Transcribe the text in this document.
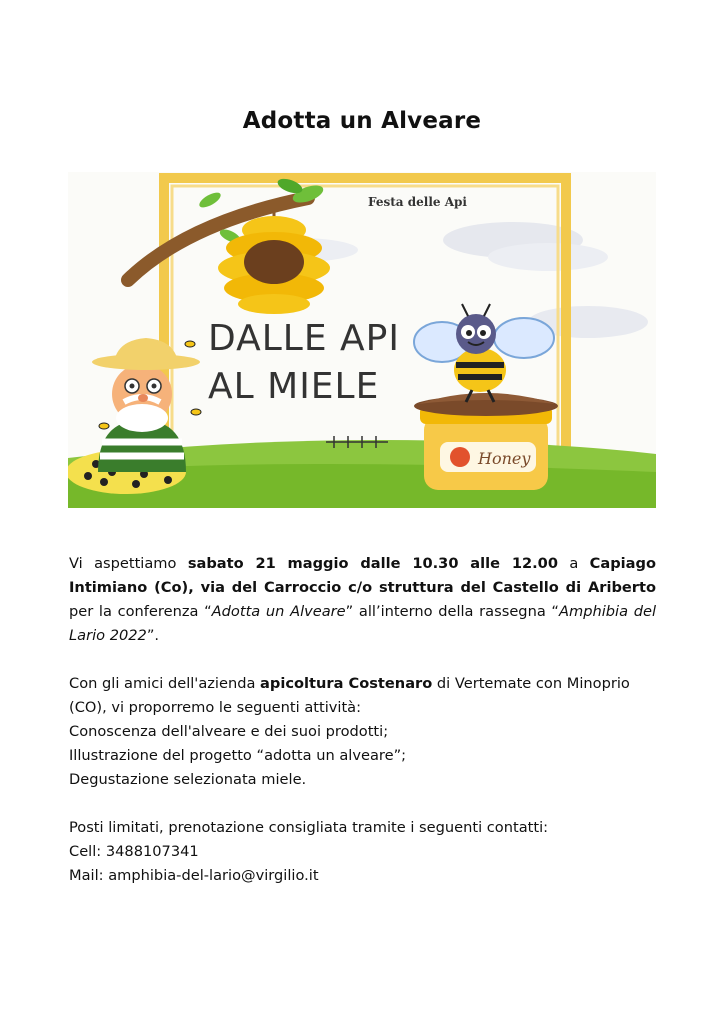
Adotta un Alveare
Festa delle Api
DALLE API
AL MIELE
Honey

Vi aspettiamo sabato 21 maggio dalle 10.30 alle 12.00 a Capiago Intimiano (Co), via del Carroccio c/o struttura del Castello di Ariberto per la conferenza “Adotta un Alveare” all’interno della rassegna “Amphibia del Lario 2022”.

Con gli amici dell'azienda apicoltura Costenaro di Vertemate con Minoprio (CO), vi proporremo le seguenti attività:

Conoscenza dell'alveare e dei suoi prodotti;

Illustrazione del progetto “adotta un alveare”;

Degustazione selezionata miele.

Posti limitati, prenotazione consigliata tramite i seguenti contatti:

Cell: 3488107341

Mail: amphibia-del-lario@virgilio.it
